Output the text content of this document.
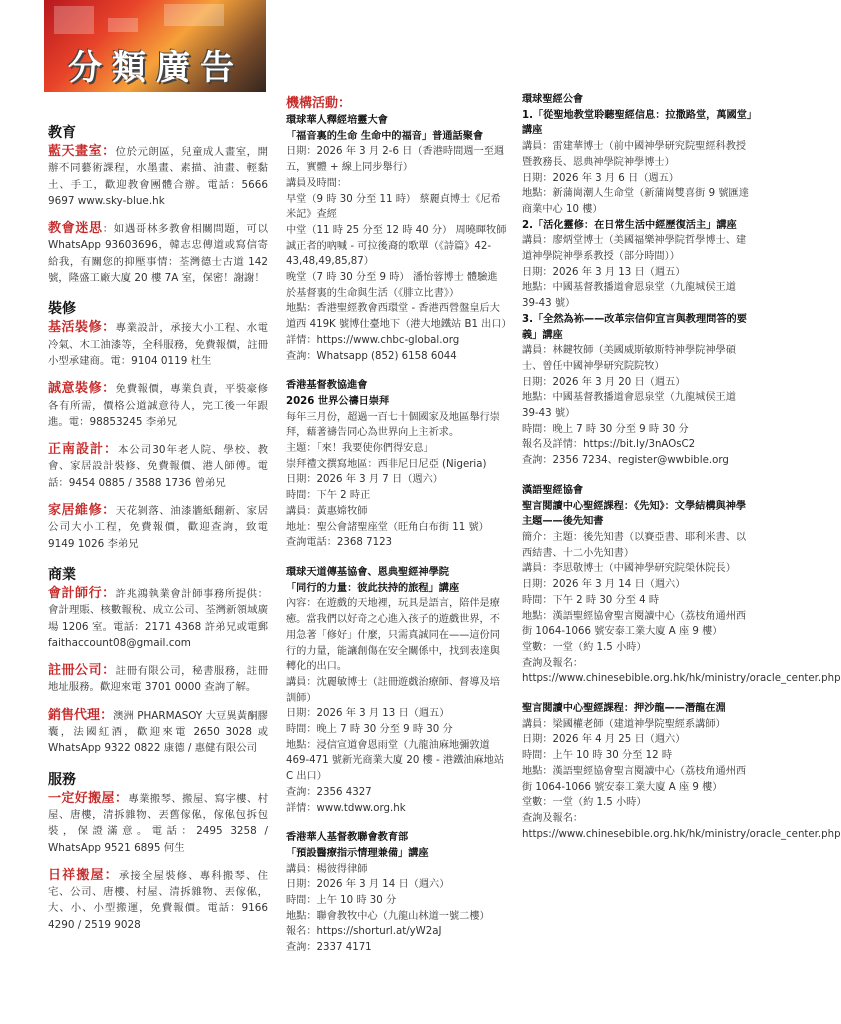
分類廣告
教育
藍天畫室：位於元朗區，兒童成人畫室，開辦不同藝術課程，水墨畫、素描、油畫、輕黏土、手工，歡迎教會團體合辦。電話：5666 9697 www.sky-blue.hk
教會迷思：如遇哥林多教會相關問題，可以 WhatsApp 93603696，韓志忠傳道或寫信寄給我，有關您的抑壓事情：荃灣德士古道 142 號，隆盛工廠大廈 20 樓 7A 室，保密！謝謝！
裝修
基活裝修：專業設計，承接大小工程、水電冷氣、木工油漆等，全科服務，免費報價，註冊小型承建商。電：9104 0119 杜生
誠意裝修：免費報價，專業負責，平裝豪修各有所需，價格公道誠意待人，完工後一年跟進。電：98853245 李弟兄
正南設計：本公司30年老人院、學校、教會、家居設計裝修、免費報價、港人師傅。電話：9454 0885 / 3588 1736 曾弟兄
家居維修：天花剝落、油漆牆紙翻新、家居公司大小工程，免費報價，歡迎查詢，致電 9149 1026 李弟兄
商業
會計師行：許兆鴻執業會計師事務所提供：會計理賬、核數報稅、成立公司、荃灣新領域廣場 1206 室。電話：2171 4368 許弟兄或電郵 faithaccount08@gmail.com
註冊公司：註冊有限公司，秘書服務，註冊地址服務。歡迎來電 3701 0000 查詢了解。
銷售代理：澳洲 PHARMASOY 大豆異黃酮膠囊，法國紅酒，歡迎來電 2650 3028 或 WhatsApp 9322 0822 康德 / 惠健有限公司
服務
一定好搬屋：專業搬琴、搬屋、寫字樓、村屋、唐樓，清拆雜物、丟舊傢俬，傢俬包拆包裝，保證滿意。電話：2495 3258 / WhatsApp 9521 6895 何生
日祥搬屋：承接全屋裝修、專科搬琴、住宅、公司、唐樓、村屋、清拆雜物、丟傢俬，大、小、小型搬運，免費報價。電話：9166 4290 / 2519 9028
機構活動：

環球華人釋經培靈大會

「福音裏的生命 生命中的福音」普通話聚會

日期：2026 年 3 月 2-6 日（香港時間週一至週五，實體 + 線上同步舉行）

講員及時間：

早堂（9 時 30 分至 11 時） 蔡麗貞博士《尼希米記》查經

中堂（11 時 25 分至 12 時 40 分） 周曉暉牧師 誠正者的吶喊 - 可拉後裔的歌單（《詩篇》42-43,48,49,85,87）

晚堂（7 時 30 分至 9 時） 潘怡蓉博士 體驗進於基督裏的生命與生活（《腓立比書》）

地點：香港聖經教會西環堂 - 香港西營盤皇后大道西 419K 號博仕臺地下（港大地鐵站 B1 出口）

詳情：https://www.chbc-global.org

查詢：Whatsapp (852) 6158 6044

香港基督教協進會

2026 世界公禱日崇拜

每年三月份，超過一百七十個國家及地區舉行崇拜，藉著禱告同心為世界向上主祈求。

主題：「來！我要使你們得安息」

崇拜禮文撰寫地區：西非尼日尼亞 (Nigeria)

日期：2026 年 3 月 7 日（週六）

時間：下午 2 時正

講員：黃惠嫦牧師

地址：聖公會諸聖座堂（旺角白布街 11 號）

查詢電話：2368 7123

環球天道傳基協會、恩典聖經神學院

「同行的力量：彼此扶持的旅程」講座

內容：在遊戲的天地裡，玩具是語言，陪伴是療癒。當我們以好奇之心進入孩子的遊戲世界，不用急著「修好」什麼，只需真誠同在——這份同行的力量，能讓創傷在安全關係中，找到表達與轉化的出口。

講員：沈麗敏博士（註冊遊戲治療師、督導及培訓師）

日期：2026 年 3 月 13 日（週五）

時間：晚上 7 時 30 分至 9 時 30 分

地點：浸信宣道會恩雨堂（九龍油麻地彌敦道 469-471 號新光商業大廈 20 樓 - 港鐵油麻地站 C 出口）

查詢：2356 4327

詳情：www.tdww.org.hk

香港華人基督教聯會教育部

「預設醫療指示情理兼備」講座

講員：楊彼得律師

日期：2026 年 3 月 14 日（週六）

時間：上午 10 時 30 分

地點：聯會教牧中心（九龍山林道一號二樓）

報名：https://shorturl.at/yW2aJ

查詢：2337 4171

環球聖經公會

1.「從聖地教堂聆聽聖經信息：拉撒路堂，萬國堂」講座

講員：雷建華博士（前中國神學研究院聖經科教授暨教務長、恩典神學院神學博士）

日期：2026 年 3 月 6 日（週五）

地點：新蒲崗潮人生命堂（新蒲崗雙喜街 9 號匯達商業中心 10 樓）

2.「活化靈修：在日常生活中經歷復活主」講座

講員：廖炳堂博士（美國福樂神學院哲學博士、建道神學院神學系教授（部分時間））

日期：2026 年 3 月 13 日（週五）

地點：中國基督教播道會恩泉堂（九龍城侯王道 39-43 號）

3.「全然為袮——改革宗信仰宣言與教理問答的要義」講座

講員：林鍵牧師（美國威斯敏斯特神學院神學碩士、曾任中國神學研究院院牧）

日期：2026 年 3 月 20 日（週五）

地點：中國基督教播道會恩泉堂（九龍城侯王道 39-43 號）

時間：晚上 7 時 30 分至 9 時 30 分

報名及詳情：https://bit.ly/3nAOsC2

查詢：2356 7234、register@wwbible.org

漢語聖經協會

聖言閱讀中心聖經課程：《先知》：文學結構與神學主題——後先知書

簡介：主題：後先知書（以賽亞書、耶利米書、以西結書、十二小先知書）

講員：李思敬博士（中國神學研究院榮休院長）

日期：2026 年 3 月 14 日（週六）

時間：下午 2 時 30 分至 4 時

地點：漢語聖經協會聖言閱讀中心（荔枝角通州西街 1064-1066 號安泰工業大廈 A 座 9 樓）

堂數：一堂（約 1.5 小時）

查詢及報名：https://www.chinesebible.org.hk/hk/ministry/oracle_center.php

聖言閱讀中心聖經課程：押沙龍——潛龍在淵

講員：梁國權老師（建道神學院聖經系講師）

日期：2026 年 4 月 25 日（週六）

時間：上午 10 時 30 分至 12 時

地點：漢語聖經協會聖言閱讀中心（荔枝角通州西街 1064-1066 號安泰工業大廈 A 座 9 樓）

堂數：一堂（約 1.5 小時）

查詢及報名：https://www.chinesebible.org.hk/hk/ministry/oracle_center.php
